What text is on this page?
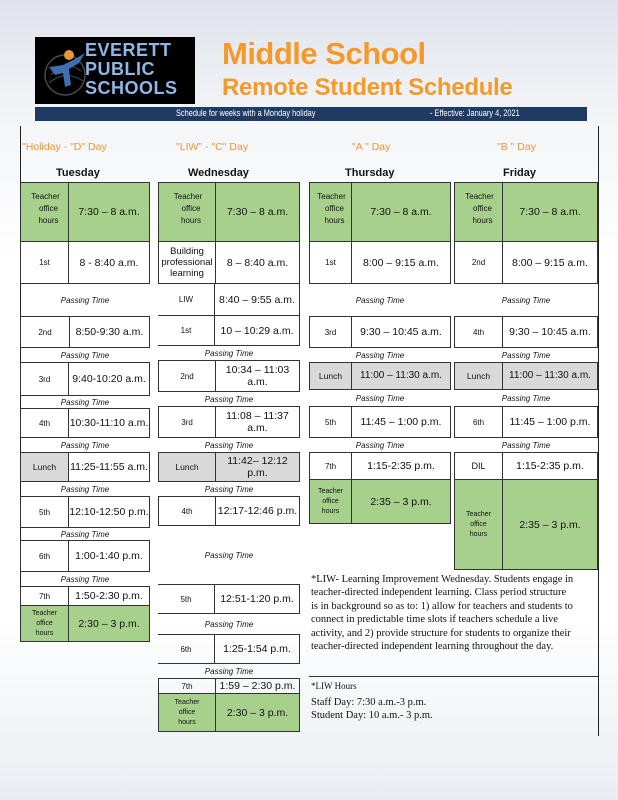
EVERETT
PUBLIC
SCHOOLS
Middle School
Remote Student Schedule
Schedule for weeks with a Monday holiday	- Effective: January 4, 2021
"Holiday - "D" Day	"LIW" - "C" Day	"A " Day	"B " Day
Tuesday	Wednesday	Thursday	Friday
Teacher
office
hours
7:30 – 8 a.m.
1st	8 - 8:40 a.m.
Passing Time
2nd	8:50-9:30 a.m.
Passing Time
3rd	9:40-10:20 a.m.
Passing Time
4th	10:30-11:10 a.m.
Passing Time
Lunch	11:25-11:55 a.m.
Passing Time
5th	12:10-12:50 p.m.
Passing Time
6th	1:00-1:40 p.m.
Passing Time
7th	1:50-2:30 p.m.
Teacher
office
hours
2:30 – 3 p.m.
Teacher
office
hours
7:30 – 8 a.m.
Building
professional
learning
8 – 8:40 a.m.
LIW	8:40 – 9:55 a.m.
1st	10 – 10:29 a.m.
Passing Time
2nd	10:34 – 11:03 a.m.
Passing Time
3rd	11:08 – 11:37 a.m.
Passing Time
Lunch	11:42– 12:12 p.m.
Passing Time
4th	12:17-12:46 p.m.
Passing Time
5th	12:51-1:20 p.m.
Passing Time
6th	1:25-1:54 p.m.
Passing Time
7th	1:59 – 2:30 p.m.
Teacher
office
hours
2:30 – 3 p.m.
Teacher
office
hours
7:30 – 8 a.m.
1st	8:00 – 9:15 a.m.
Passing Time
3rd	9:30 – 10:45 a.m.
Passing Time
Lunch	11:00 – 11:30 a.m.
Passing Time
5th	11:45 – 1:00 p.m.
Passing Time
7th	1:15-2:35 p.m.
Teacher
office
hours
2:35 – 3 p.m.
Teacher
office
hours
7:30 – 8 a.m.
2nd	8:00 – 9:15 a.m.
Passing Time
4th	9:30 – 10:45 a.m.
Passing Time
Lunch	11:00 – 11:30 a.m.
Passing Time
6th	11:45 – 1:00 p.m.
Passing Time
DIL	1:15-2:35 p.m.
Teacher
office
hours
2:35 – 3 p.m.
*LIW- Learning Improvement Wednesday. Students engage in
teacher-directed independent learning. Class period structure
is in background so as to: 1) allow for teachers and students to
connect in predictable time slots if teachers schedule a live
activity, and 2) provide structure for students to organize their
teacher-directed independent learning throughout the day.
*LIW Hours
Staff Day: 7:30 a.m.-3 p.m.
Student Day: 10 a.m.- 3 p.m.
